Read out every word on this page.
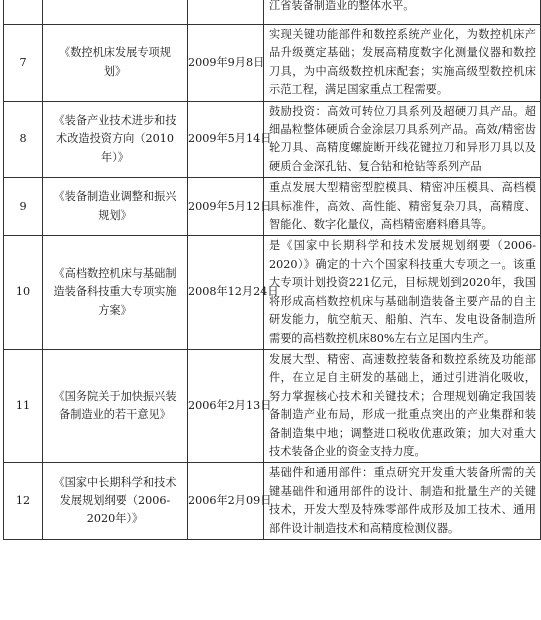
			江省装备制造业的整体水平。
7	《数控机床发展专项规划》	2009年9月8日	实现关键功能部件和数控系统产业化，为数控机床产品升级奠定基础；发展高精度数字化测量仪器和数控刀具，为中高级数控机床配套；实施高级型数控机床示范工程，满足国家重点工程需要。
8	《装备产业技术进步和技术改造投资方向（2010年）》	2009年5月14日	鼓励投资：高效可转位刀具系列及超硬刀具产品。超细晶粒整体硬质合金涂层刀具系列产品。高效/精密齿轮刀具、高精度螺旋断开线花键拉刀和异形刀具以及硬质合金深孔钻、复合钻和枪钻等系列产品
9	《装备制造业调整和振兴规划》	2009年5月12日	重点发展大型精密型腔模具、精密冲压模具、高档模具标准件，高效、高性能、精密复杂刀具，高精度、智能化、数字化量仪，高档精密磨料磨具等。
10	《高档数控机床与基础制造装备科技重大专项实施方案》	2008年12月24日	是《国家中长期科学和技术发展规划纲要（2006-2020）》确定的十六个国家科技重大专项之一。该重大专项计划投资221亿元，目标规划到2020年，我国将形成高档数控机床与基础制造装备主要产品的自主研发能力，航空航天、船舶、汽车、发电设备制造所需要的高档数控机床80%左右立足国内生产。
11	《国务院关于加快振兴装备制造业的若干意见》	2006年2月13日	发展大型、精密、高速数控装备和数控系统及功能部件，在立足自主研发的基础上，通过引进消化吸收，努力掌握核心技术和关键技术；合理规划确定我国装备制造产业布局，形成一批重点突出的产业集群和装备制造集中地；调整进口税收优惠政策；加大对重大技术装备企业的资金支持力度。
12	《国家中长期科学和技术发展规划纲要（2006-2020年）》	2006年2月09日	基础件和通用部件：重点研究开发重大装备所需的关键基础件和通用部件的设计、制造和批量生产的关键技术，开发大型及特殊零部件成形及加工技术、通用部件设计制造技术和高精度检测仪器。
